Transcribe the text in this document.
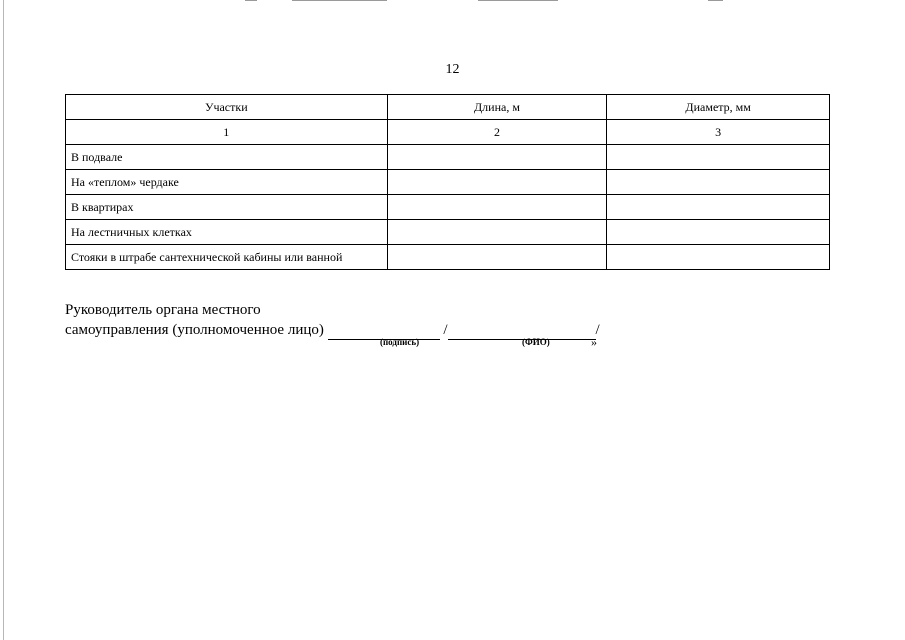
12
Участки	Длина, м	Диаметр, мм
1	2	3
В подвале		
На «теплом» чердаке		
В квартирах		
На лестничных клетках		
Стояки в штрабе сантехнической кабины или ванной		
Руководитель органа местного
самоуправления (уполномоченное лицо)	/	/
(подпись)	(ФИО)	»
